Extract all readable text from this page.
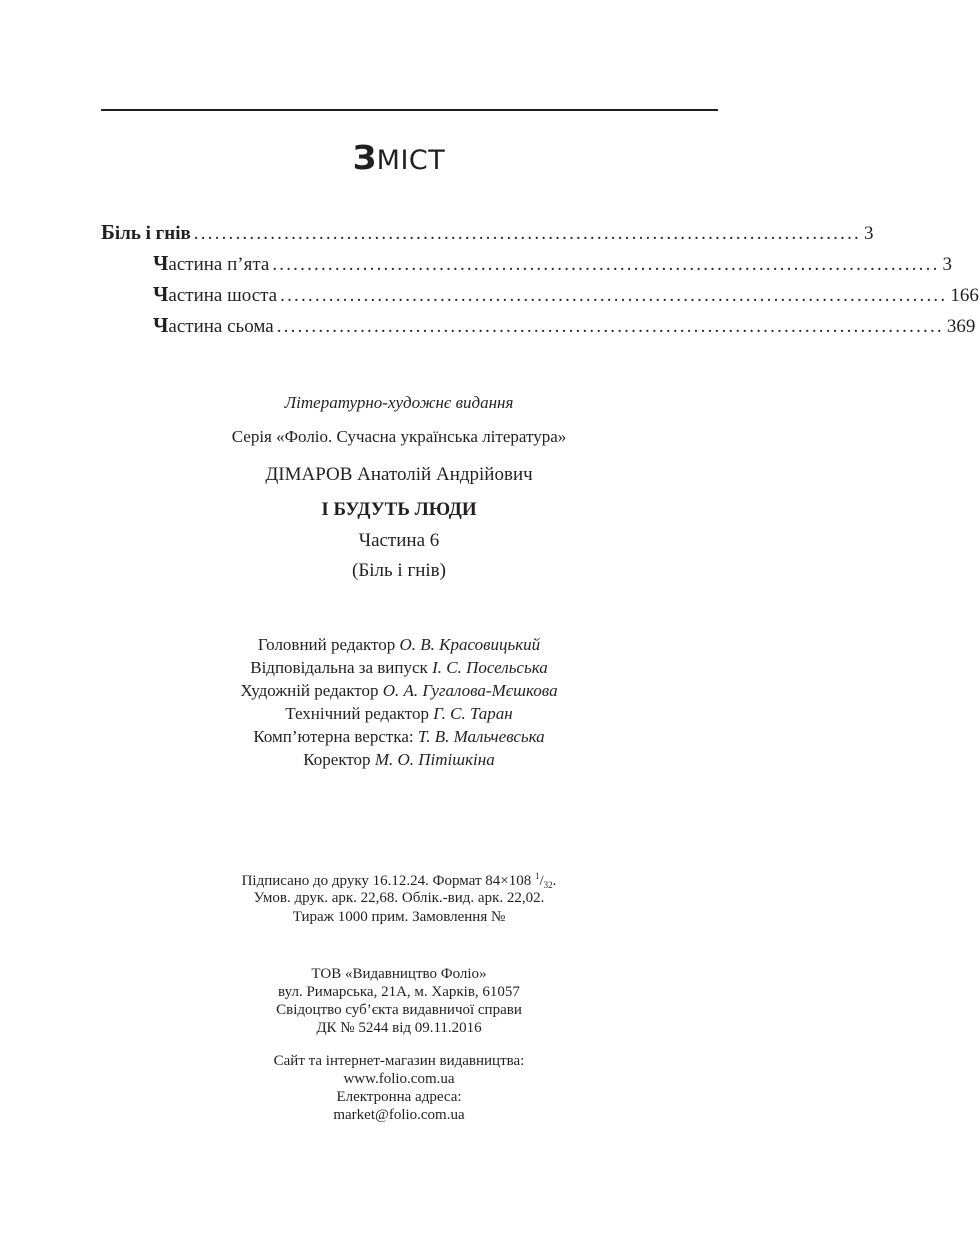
ЗМІСТ
Біль і гнів ................................................................................................ 3
Частина п’ята ................................................................................................ 3
Частина шоста ................................................................................................ 166
Частина сьома ................................................................................................ 369
Літературно-художнє видання
Серія «Фоліо. Сучасна українська література»
ДІМАРОВ Анатолій Андрійович
І БУДУТЬ ЛЮДИ
Частина 6
(Біль і гнів)
Головний редактор О. В. Красовицький
Відповідальна за випуск І. С. Посельська
Художній редактор О. А. Гугалова-Мєшкова
Технічний редактор Г. С. Таран
Комп’ютерна верстка: Т. В. Мальчевська
Коректор М. О. Пітішкіна
Підписано до друку 16.12.24. Формат 84×108 $^1/_{32}$.
Умов. друк. арк. 22,68. Облік.-вид. арк. 22,02.
Тираж 1000 прим. Замовлення №
ТОВ «Видавництво Фоліо»
вул. Римарська, 21А, м. Харків, 61057
Свідоцтво суб’єкта видавничої справи
ДК № 5244 від 09.11.2016
Сайт та інтернет-магазин видавництва:
www.folio.com.ua
Електронна адреса:
market@folio.com.ua
